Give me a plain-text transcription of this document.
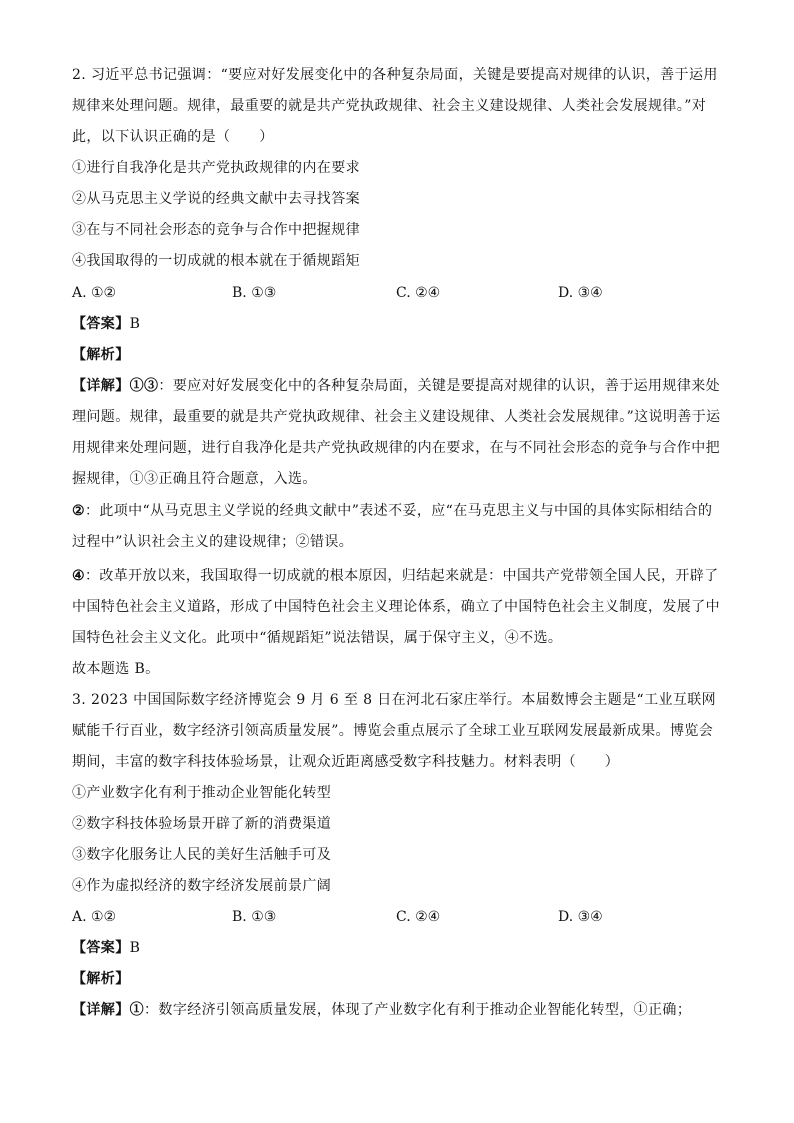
2. 习近平总书记强调：“要应对好发展变化中的各种复杂局面，关键是要提高对规律的认识，善于运用规律来处理问题。规律，最重要的就是共产党执政规律、社会主义建设规律、人类社会发展规律。”对此，以下认识正确的是（　　）
①进行自我净化是共产党执政规律的内在要求
②从马克思主义学说的经典文献中去寻找答案
③在与不同社会形态的竞争与合作中把握规律
④我国取得的一切成就的根本就在于循规蹈矩
A. ①②	B. ①③	C. ②④	D. ③④
【答案】B
【解析】
【详解】①③：要应对好发展变化中的各种复杂局面，关键是要提高对规律的认识，善于运用规律来处理问题。规律，最重要的就是共产党执政规律、社会主义建设规律、人类社会发展规律。”这说明善于运用规律来处理问题，进行自我净化是共产党执政规律的内在要求，在与不同社会形态的竞争与合作中把握规律，①③正确且符合题意，入选。
②：此项中“从马克思主义学说的经典文献中”表述不妥，应“在马克思主义与中国的具体实际相结合的过程中”认识社会主义的建设规律；②错误。
④：改革开放以来，我国取得一切成就的根本原因，归结起来就是：中国共产党带领全国人民，开辟了中国特色社会主义道路，形成了中国特色社会主义理论体系，确立了中国特色社会主义制度，发展了中国特色社会主义文化。此项中“循规蹈矩”说法错误，属于保守主义，④不选。
故本题选 B。
3. 2023 中国国际数字经济博览会 9 月 6 至 8 日在河北石家庄举行。本届数博会主题是“工业互联网赋能千行百业，数字经济引领高质量发展”。博览会重点展示了全球工业互联网发展最新成果。博览会期间，丰富的数字科技体验场景，让观众近距离感受数字科技魅力。材料表明（　　）
①产业数字化有利于推动企业智能化转型
②数字科技体验场景开辟了新的消费渠道
③数字化服务让人民的美好生活触手可及
④作为虚拟经济的数字经济发展前景广阔
A. ①②	B. ①③	C. ②④	D. ③④
【答案】B
【解析】
【详解】①：数字经济引领高质量发展，体现了产业数字化有利于推动企业智能化转型，①正确；
